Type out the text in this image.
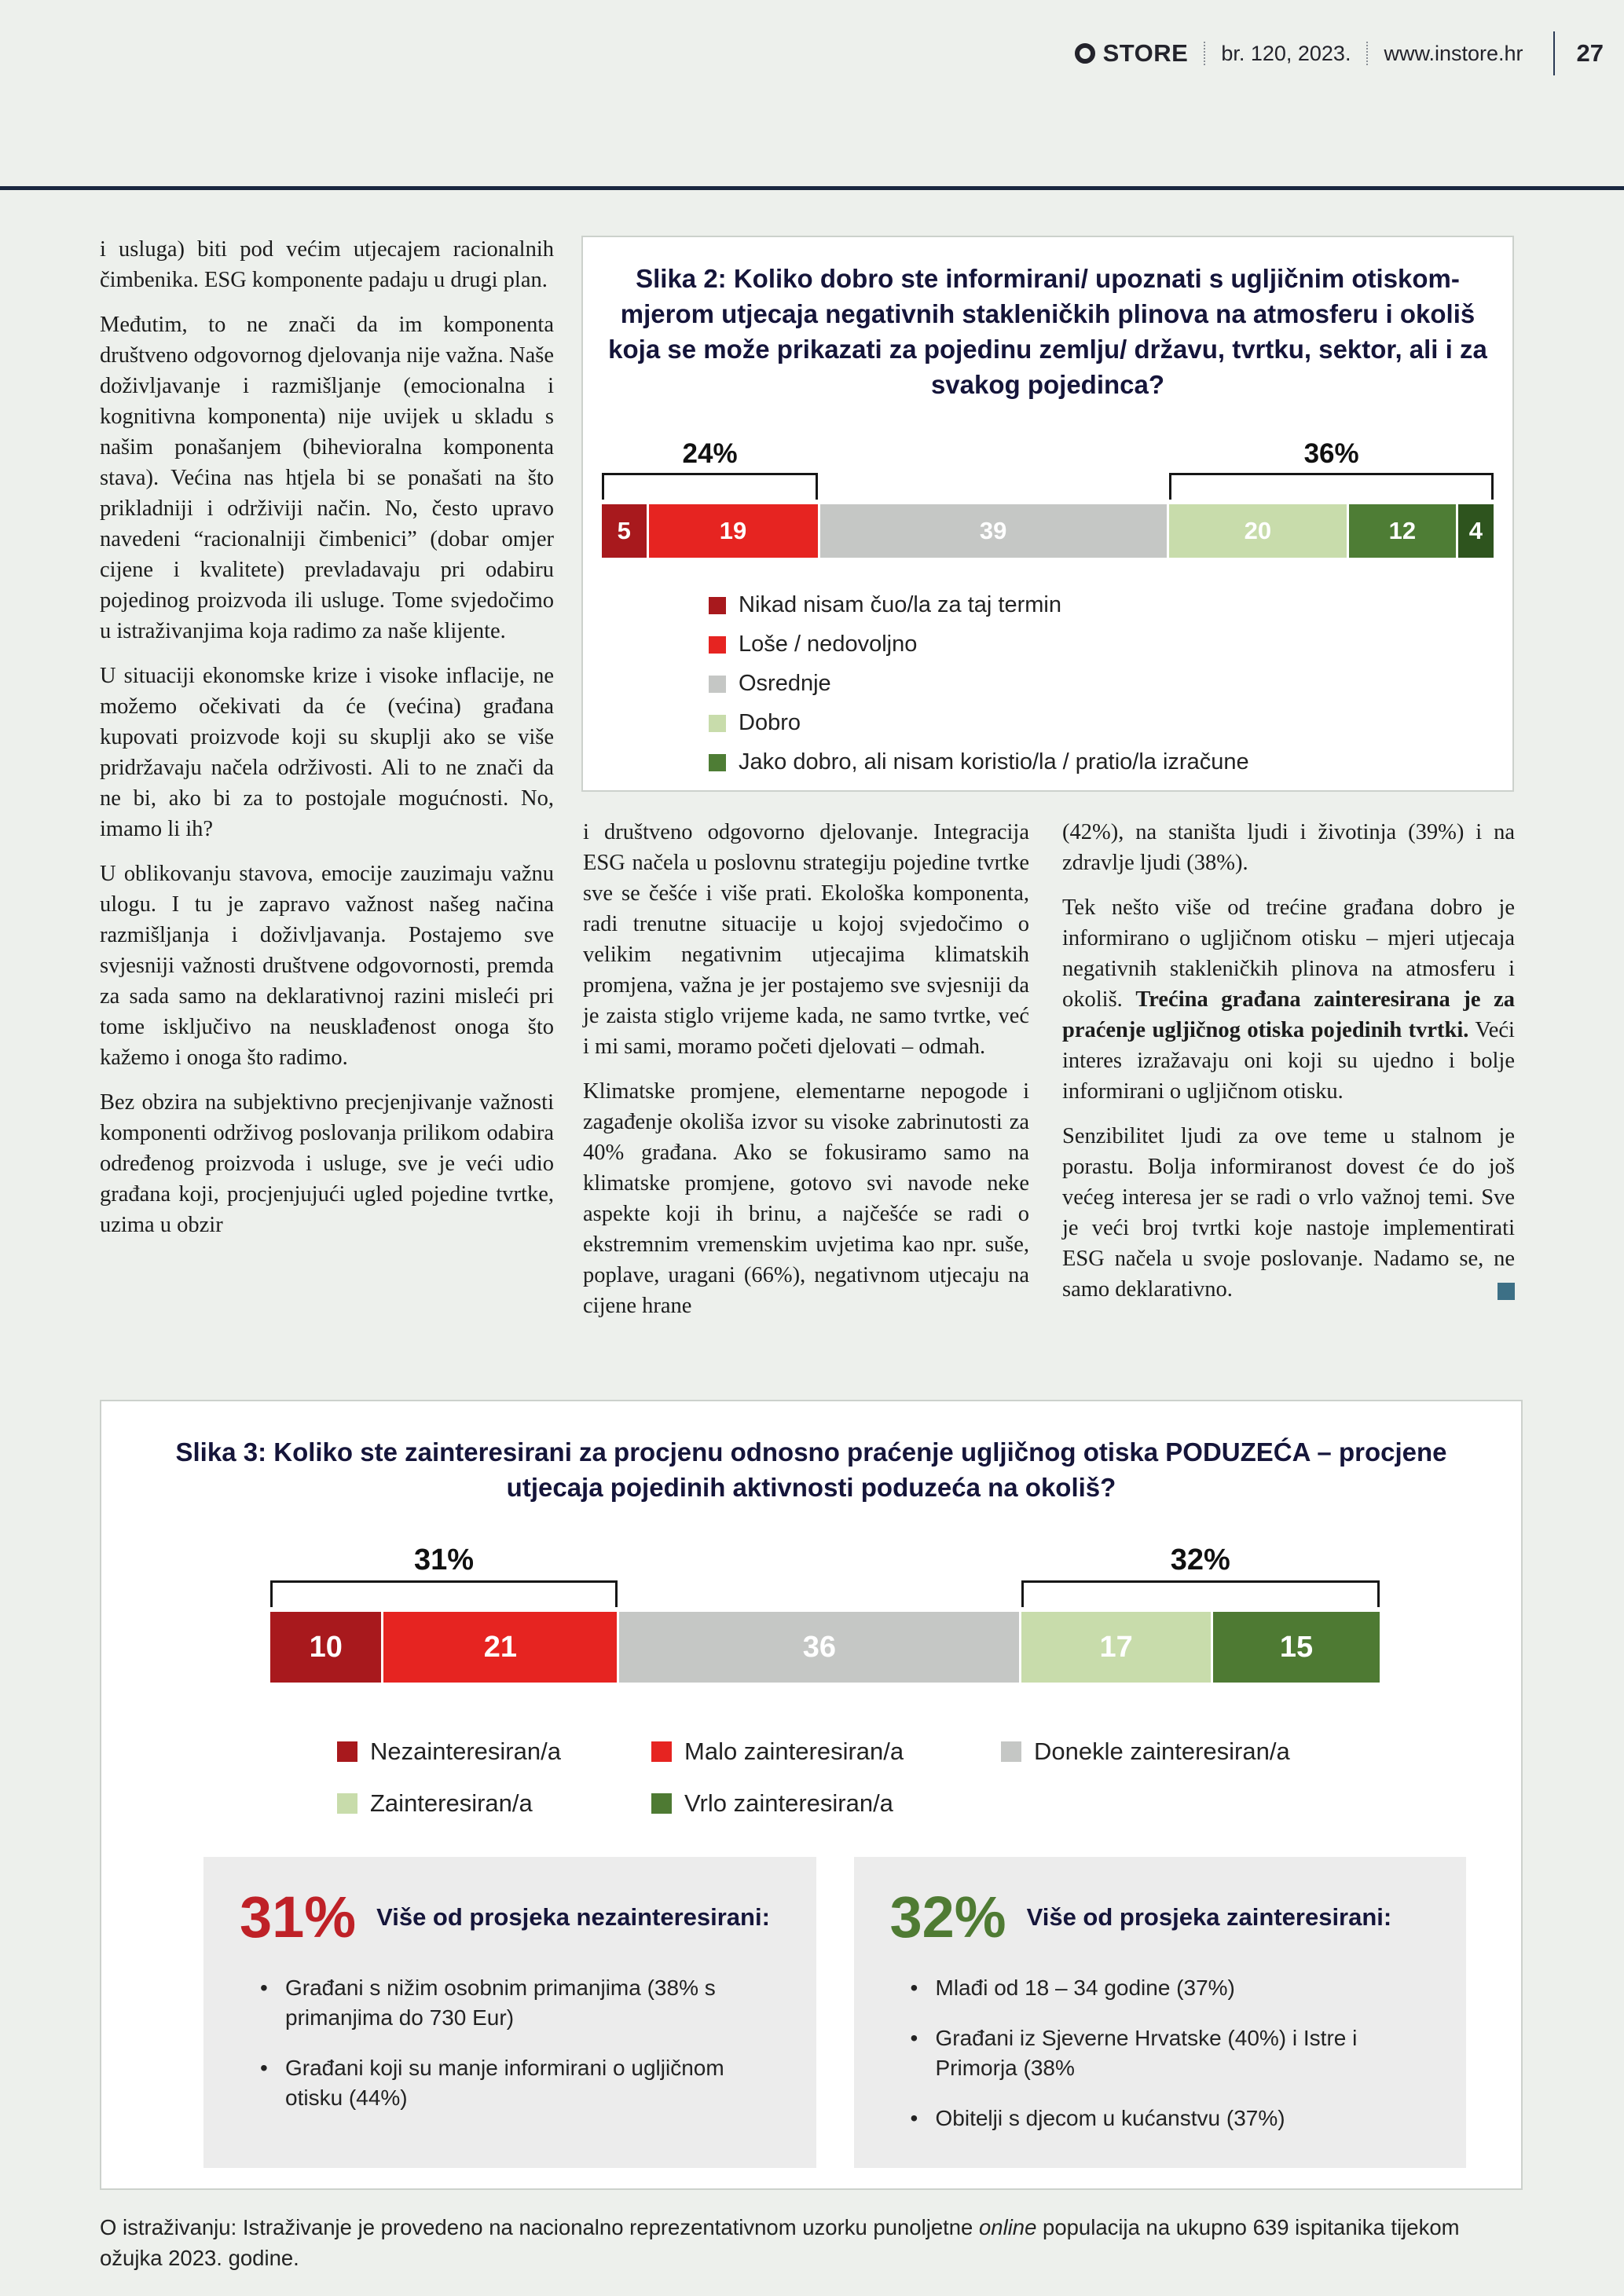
STORE br. 120, 2023. www.instore.hr	27

i usluga) biti pod većim utjecajem racionalnih čimbenika. ESG komponente padaju u drugi plan.

Međutim, to ne znači da im komponenta društveno odgovornog djelovanja nije važna. Naše doživljavanje i razmišljanje (emocionalna i kognitivna komponenta) nije uvijek u skladu s našim ponašanjem (bihevioralna komponenta stava). Većina nas htjela bi se ponašati na što prikladniji i održiviji način. No, često upravo navedeni “racionalniji čimbenici” (dobar omjer cijene i kvalitete) prevladavaju pri odabiru pojedinog proizvoda ili usluge. Tome svjedočimo u istraživanjima koja radimo za naše klijente.

U situaciji ekonomske krize i visoke inflacije, ne možemo očekivati da će (većina) građana kupovati proizvode koji su skuplji ako se više pridržavaju načela održivosti. Ali to ne znači da ne bi, ako bi za to postojale mogućnosti. No, imamo li ih?

U oblikovanju stavova, emocije zauzimaju važnu ulogu. I tu je zapravo važnost našeg načina razmišljanja i doživljavanja. Postajemo sve svjesniji važnosti društvene odgovornosti, premda za sada samo na deklarativnoj razini misleći pri tome isključivo na neusklađenost onoga što kažemo i onoga što radimo.

Bez obzira na subjektivno precjenjivanje važnosti komponenti održivog poslovanja prilikom odabira određenog proizvoda i usluge, sve je veći udio građana koji, procjenjujući ugled pojedine tvrtke, uzima u obzir

Slika 2: Koliko dobro ste informirani/ upoznati s ugljičnim otiskom-mjerom utjecaja negativnih stakleničkih plinova na atmosferu i okoliš koja se može prikazati za pojedinu zemlju/ državu, tvrtku, sektor, ali i za svakog pojedinca?
24%	36%
5	19	39	20	12	4
Nikad nisam čuo/la za taj termin
Loše / nedovoljno
Osrednje
Dobro
Jako dobro, ali nisam koristio/la / pratio/la izračune

i društveno odgovorno djelovanje. Integracija ESG načela u poslovnu strategiju pojedine tvrtke sve se češće i više prati. Ekološka komponenta, radi trenutne situacije u kojoj svjedočimo o velikim negativnim utjecajima klimatskih promjena, važna je jer postajemo sve svjesniji da je zaista stiglo vrijeme kada, ne samo tvrtke, već i mi sami, moramo početi djelovati – odmah.

Klimatske promjene, elementarne nepogode i zagađenje okoliša izvor su visoke zabrinutosti za 40% građana. Ako se fokusiramo samo na klimatske promjene, gotovo svi navode neke aspekte koji ih brinu, a najčešće se radi o ekstremnim vremenskim uvjetima kao npr. suše, poplave, uragani (66%), negativnom utjecaju na cijene hrane

(42%), na staništa ljudi i životinja (39%) i na zdravlje ljudi (38%).

Tek nešto više od trećine građana dobro je informirano o ugljičnom otisku – mjeri utjecaja negativnih stakleničkih plinova na atmosferu i okoliš. Trećina građana zainteresirana je za praćenje ugljičnog otiska pojedinih tvrtki. Veći interes izražavaju oni koji su ujedno i bolje informirani o ugljičnom otisku.

Senzibilitet ljudi za ove teme u stalnom je porastu. Bolja informiranost dovest će do još većeg interesa jer se radi o vrlo važnoj temi. Sve je veći broj tvrtki koje nastoje implementirati ESG načela u svoje poslovanje. Nadamo se, ne samo deklarativno.

Slika 3: Koliko ste zainteresirani za procjenu odnosno praćenje ugljičnog otiska PODUZEĆA – procjene utjecaja pojedinih aktivnosti poduzeća na okoliš?
31%	32%
10	21	36	17	15
Nezainteresiran/a	Malo zainteresiran/a	Donekle zainteresiran/a
Zainteresiran/a	Vrlo zainteresiran/a
31% Više od prosjeka nezainteresirani:
• Građani s nižim osobnim primanjima (38% s primanjima do 730 Eur)
• Građani koji su manje informirani o ugljičnom otisku (44%)
32% Više od prosjeka zainteresirani:
• Mlađi od 18 – 34 godine (37%)
• Građani iz Sjeverne Hrvatske (40%) i Istre i Primorja (38%
• Obitelji s djecom u kućanstvu (37%)
O istraživanju: Istraživanje je provedeno na nacionalno reprezentativnom uzorku punoljetne online populacija na ukupno 639 ispitanika tijekom ožujka 2023. godine.
